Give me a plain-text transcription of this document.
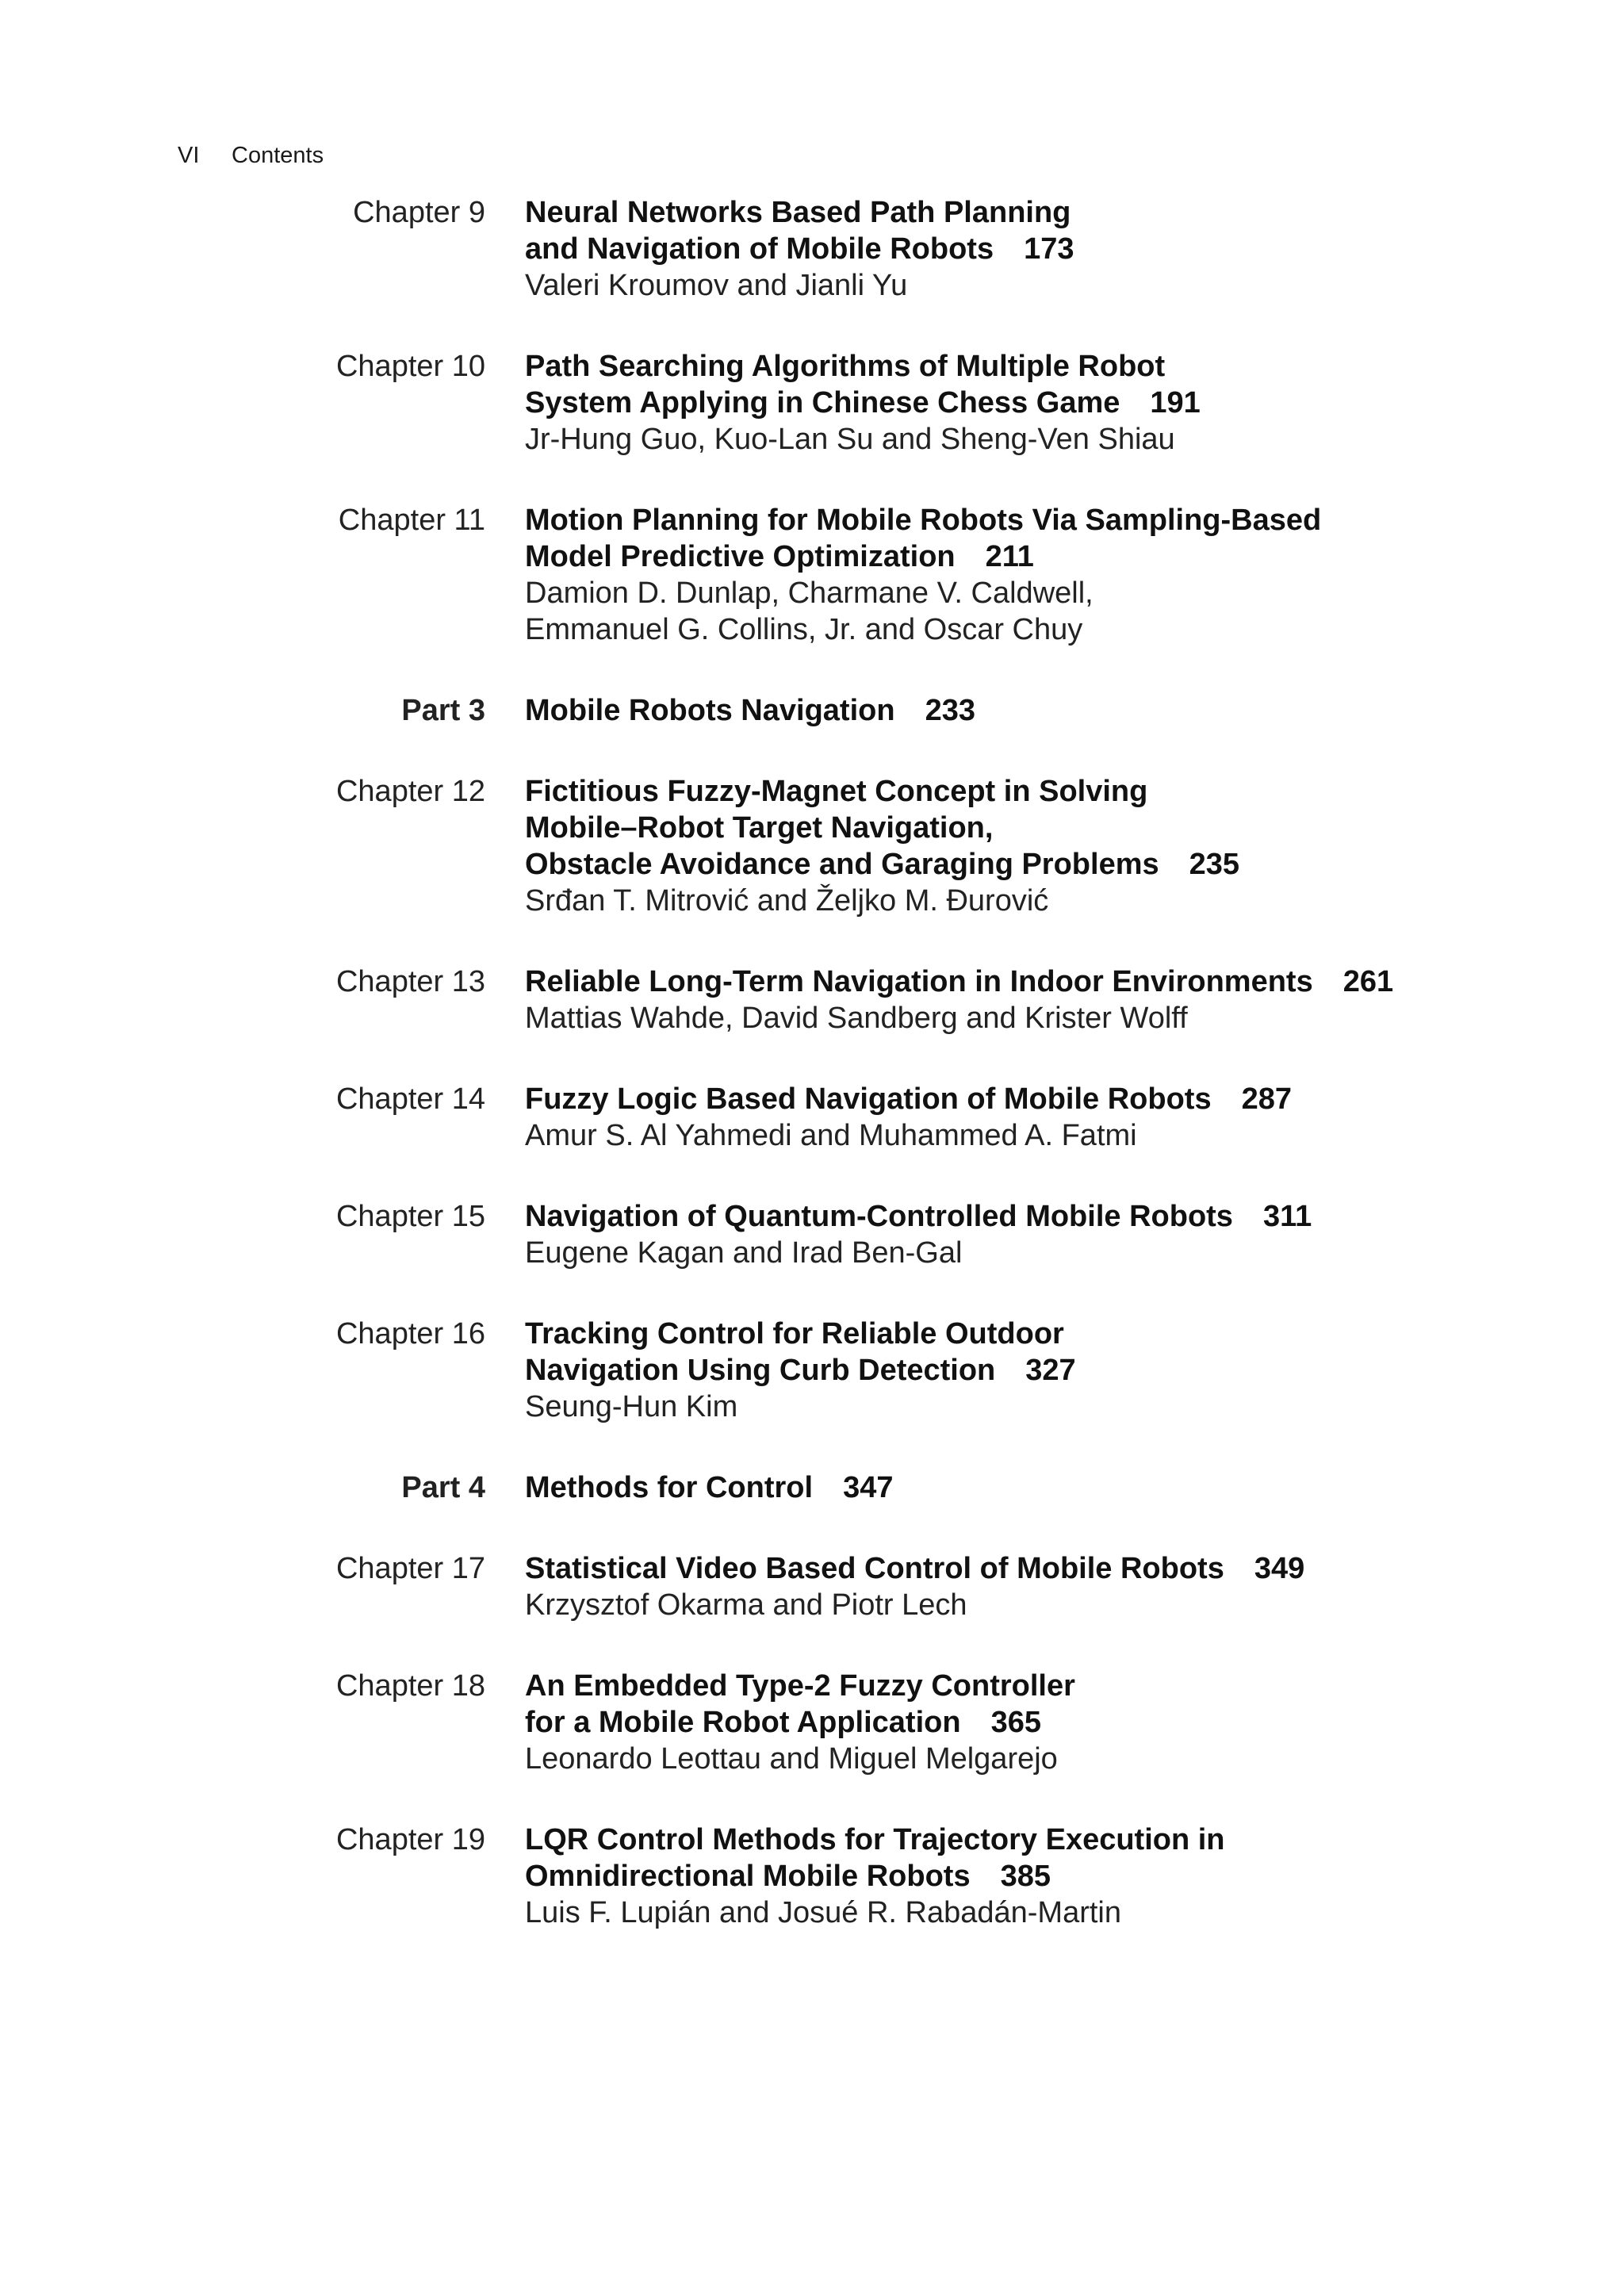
VI Contents
Chapter 9 Neural Networks Based Path Planning
and Navigation of Mobile Robots 173
Valeri Kroumov and Jianli Yu
Chapter 10 Path Searching Algorithms of Multiple Robot
System Applying in Chinese Chess Game 191
Jr-Hung Guo, Kuo-Lan Su and Sheng-Ven Shiau
Chapter 11 Motion Planning for Mobile Robots Via Sampling-Based
Model Predictive Optimization 211
Damion D. Dunlap, Charmane V. Caldwell,
Emmanuel G. Collins, Jr. and Oscar Chuy
Part 3 Mobile Robots Navigation 233
Chapter 12 Fictitious Fuzzy-Magnet Concept in Solving
Mobile–Robot Target Navigation,
Obstacle Avoidance and Garaging Problems 235
Srđan T. Mitrović and Željko M. Đurović
Chapter 13 Reliable Long-Term Navigation in Indoor Environments 261
Mattias Wahde, David Sandberg and Krister Wolff
Chapter 14 Fuzzy Logic Based Navigation of Mobile Robots 287
Amur S. Al Yahmedi and Muhammed A. Fatmi
Chapter 15 Navigation of Quantum-Controlled Mobile Robots 311
Eugene Kagan and Irad Ben-Gal
Chapter 16 Tracking Control for Reliable Outdoor
Navigation Using Curb Detection 327
Seung-Hun Kim
Part 4 Methods for Control 347
Chapter 17 Statistical Video Based Control of Mobile Robots 349
Krzysztof Okarma and Piotr Lech
Chapter 18 An Embedded Type-2 Fuzzy Controller
for a Mobile Robot Application 365
Leonardo Leottau and Miguel Melgarejo
Chapter 19 LQR Control Methods for Trajectory Execution in
Omnidirectional Mobile Robots 385
Luis F. Lupián and Josué R. Rabadán-Martin
